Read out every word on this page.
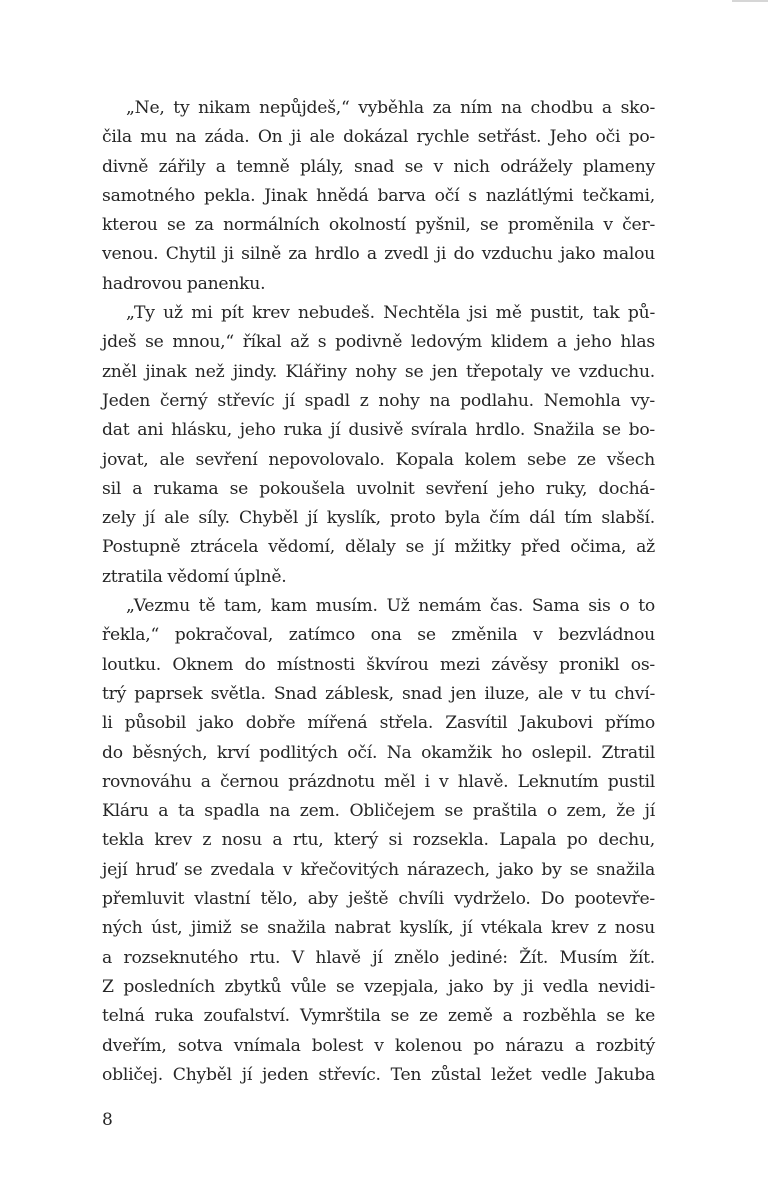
„Ne, ty nikam nepůjdeš,“ vyběhla za ním na chodbu a sko-
čila mu na záda. On ji ale dokázal rychle setřást. Jeho oči po-
divně zářily a temně plály, snad se v nich odrážely plameny
samotného pekla. Jinak hnědá barva očí s nazlátlými tečkami,
kterou se za normálních okolností pyšnil, se proměnila v čer-
venou. Chytil ji silně za hrdlo a zvedl ji do vzduchu jako malou
hadrovou panenku.

„Ty už mi pít krev nebudeš. Nechtěla jsi mě pustit, tak pů-
jdeš se mnou,“ říkal až s podivně ledovým klidem a jeho hlas
zněl jinak než jindy. Klářiny nohy se jen třepotaly ve vzduchu.
Jeden černý střevíc jí spadl z nohy na podlahu. Nemohla vy-
dat ani hlásku, jeho ruka jí dusivě svírala hrdlo. Snažila se bo-
jovat, ale sevření nepovolovalo. Kopala kolem sebe ze všech
sil a rukama se pokoušela uvolnit sevření jeho ruky, dochá-
zely jí ale síly. Chyběl jí kyslík, proto byla čím dál tím slabší.
Postupně ztrácela vědomí, dělaly se jí mžitky před očima, až
ztratila vědomí úplně.

„Vezmu tě tam, kam musím. Už nemám čas. Sama sis o to
řekla,“ pokračoval, zatímco ona se změnila v bezvládnou
loutku. Oknem do místnosti škvírou mezi závěsy pronikl os-
trý paprsek světla. Snad záblesk, snad jen iluze, ale v tu chví-
li působil jako dobře mířená střela. Zasvítil Jakubovi přímo
do běsných, krví podlitých očí. Na okamžik ho oslepil. Ztratil
rovnováhu a černou prázdnotu měl i v hlavě. Leknutím pustil
Kláru a ta spadla na zem. Obličejem se praštila o zem, že jí
tekla krev z nosu a rtu, který si rozsekla. Lapala po dechu,
její hruď se zvedala v křečovitých nárazech, jako by se snažila
přemluvit vlastní tělo, aby ještě chvíli vydrželo. Do pootevře-
ných úst, jimiž se snažila nabrat kyslík, jí vtékala krev z nosu
a rozseknutého rtu. V hlavě jí znělo jediné: Žít. Musím žít.
Z posledních zbytků vůle se vzepjala, jako by ji vedla nevidi-
telná ruka zoufalství. Vymrštila se ze země a rozběhla se ke
dveřím, sotva vnímala bolest v kolenou po nárazu a rozbitý
obličej. Chyběl jí jeden střevíc. Ten zůstal ležet vedle Jakuba

8
